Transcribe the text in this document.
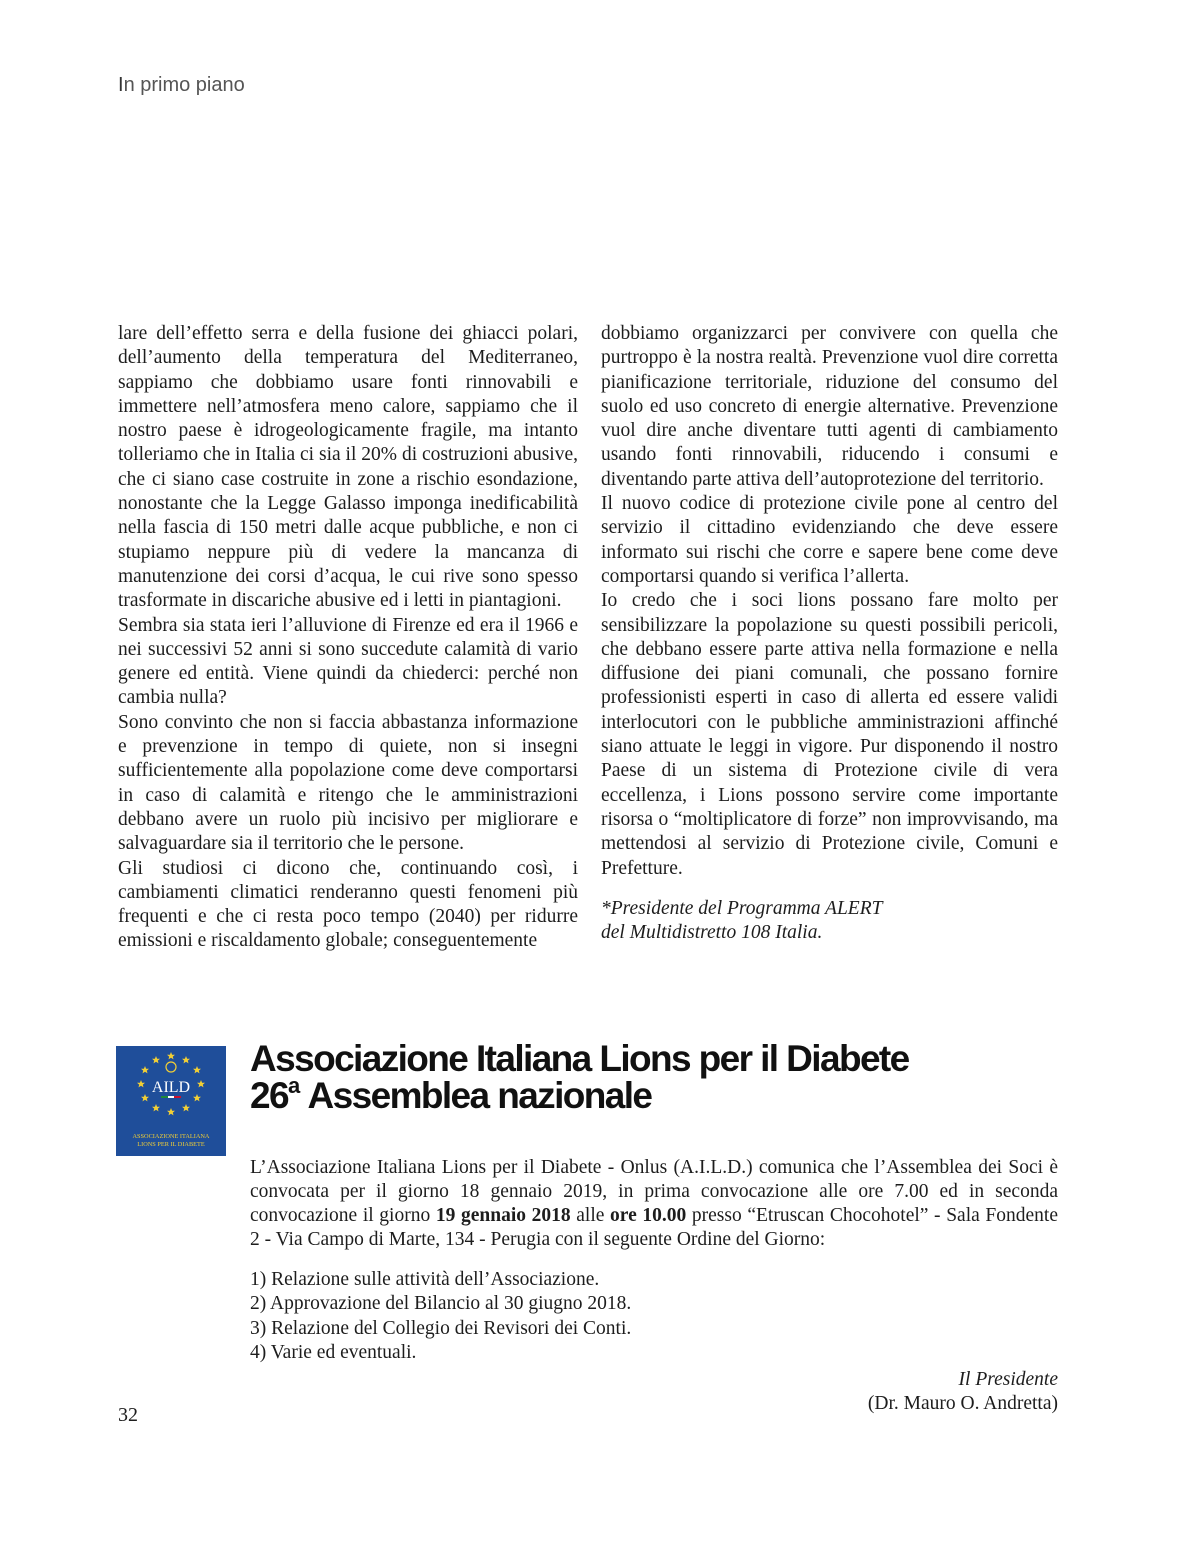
In primo piano

lare dell’effetto serra e della fusione dei ghiacci polari, dell’aumento della temperatura del Mediterraneo, sappiamo che dobbiamo usare fonti rinnovabili e immettere nell’atmosfera meno calore, sappiamo che il nostro paese è idrogeologicamente fragile, ma intanto tolleriamo che in Italia ci sia il 20% di costruzioni abusive, che ci siano case costruite in zone a rischio esondazione, nonostante che la Legge Galasso imponga inedificabilità nella fascia di 150 metri dalle acque pubbliche, e non ci stupiamo neppure più di vedere la mancanza di manutenzione dei corsi d’acqua, le cui rive sono spesso trasformate in discariche abusive ed i letti in piantagioni.

Sembra sia stata ieri l’alluvione di Firenze ed era il 1966 e nei successivi 52 anni si sono succedute calamità di vario genere ed entità. Viene quindi da chiederci: perché non cambia nulla?

Sono convinto che non si faccia abbastanza informazione e prevenzione in tempo di quiete, non si insegni sufficientemente alla popolazione come deve comportarsi in caso di calamità e ritengo che le amministrazioni debbano avere un ruolo più incisivo per migliorare e salvaguardare sia il territorio che le persone.

Gli studiosi ci dicono che, continuando così, i cambiamenti climatici renderanno questi fenomeni più frequenti e che ci resta poco tempo (2040) per ridurre emissioni e riscaldamento globale; conseguentemente

dobbiamo organizzarci per convivere con quella che purtroppo è la nostra realtà. Prevenzione vuol dire corretta pianificazione territoriale, riduzione del consumo del suolo ed uso concreto di energie alternative. Prevenzione vuol dire anche diventare tutti agenti di cambiamento usando fonti rinnovabili, riducendo i consumi e diventando parte attiva dell’autoprotezione del territorio.

Il nuovo codice di protezione civile pone al centro del servizio il cittadino evidenziando che deve essere informato sui rischi che corre e sapere bene come deve comportarsi quando si verifica l’allerta.

Io credo che i soci lions possano fare molto per sensibilizzare la popolazione su questi possibili pericoli, che debbano essere parte attiva nella formazione e nella diffusione dei piani comunali, che possano fornire professionisti esperti in caso di allerta ed essere validi interlocutori con le pubbliche amministrazioni affinché siano attuate le leggi in vigore. Pur disponendo il nostro Paese di un sistema di Protezione civile di vera eccellenza, i Lions possono servire come importante risorsa o “moltiplicatore di forze” non improvvisando, ma mettendosi al servizio di Protezione civile, Comuni e Prefetture.

*Presidente del Programma ALERT
del Multidistretto 108 Italia.

AILD
ASSOCIAZIONE ITALIANA
LIONS PER IL DIABETE
Associazione Italiana Lions per il Diabete
26$^a$ Assemblea nazionale

L’Associazione Italiana Lions per il Diabete - Onlus (A.I.L.D.) comunica che l’Assemblea dei Soci è convocata per il giorno 18 gennaio 2019, in prima convocazione alle ore 7.00 ed in seconda convocazione il giorno 19 gennaio 2018 alle ore 10.00 presso “Etruscan Chocohotel” - Sala Fondente 2 - Via Campo di Marte, 134 - Perugia con il seguente Ordine del Giorno:

1) Relazione sulle attività dell’Associazione.
2) Approvazione del Bilancio al 30 giugno 2018.
3) Relazione del Collegio dei Revisori dei Conti.
4) Varie ed eventuali.
Il Presidente
(Dr. Mauro O. Andretta)
32
